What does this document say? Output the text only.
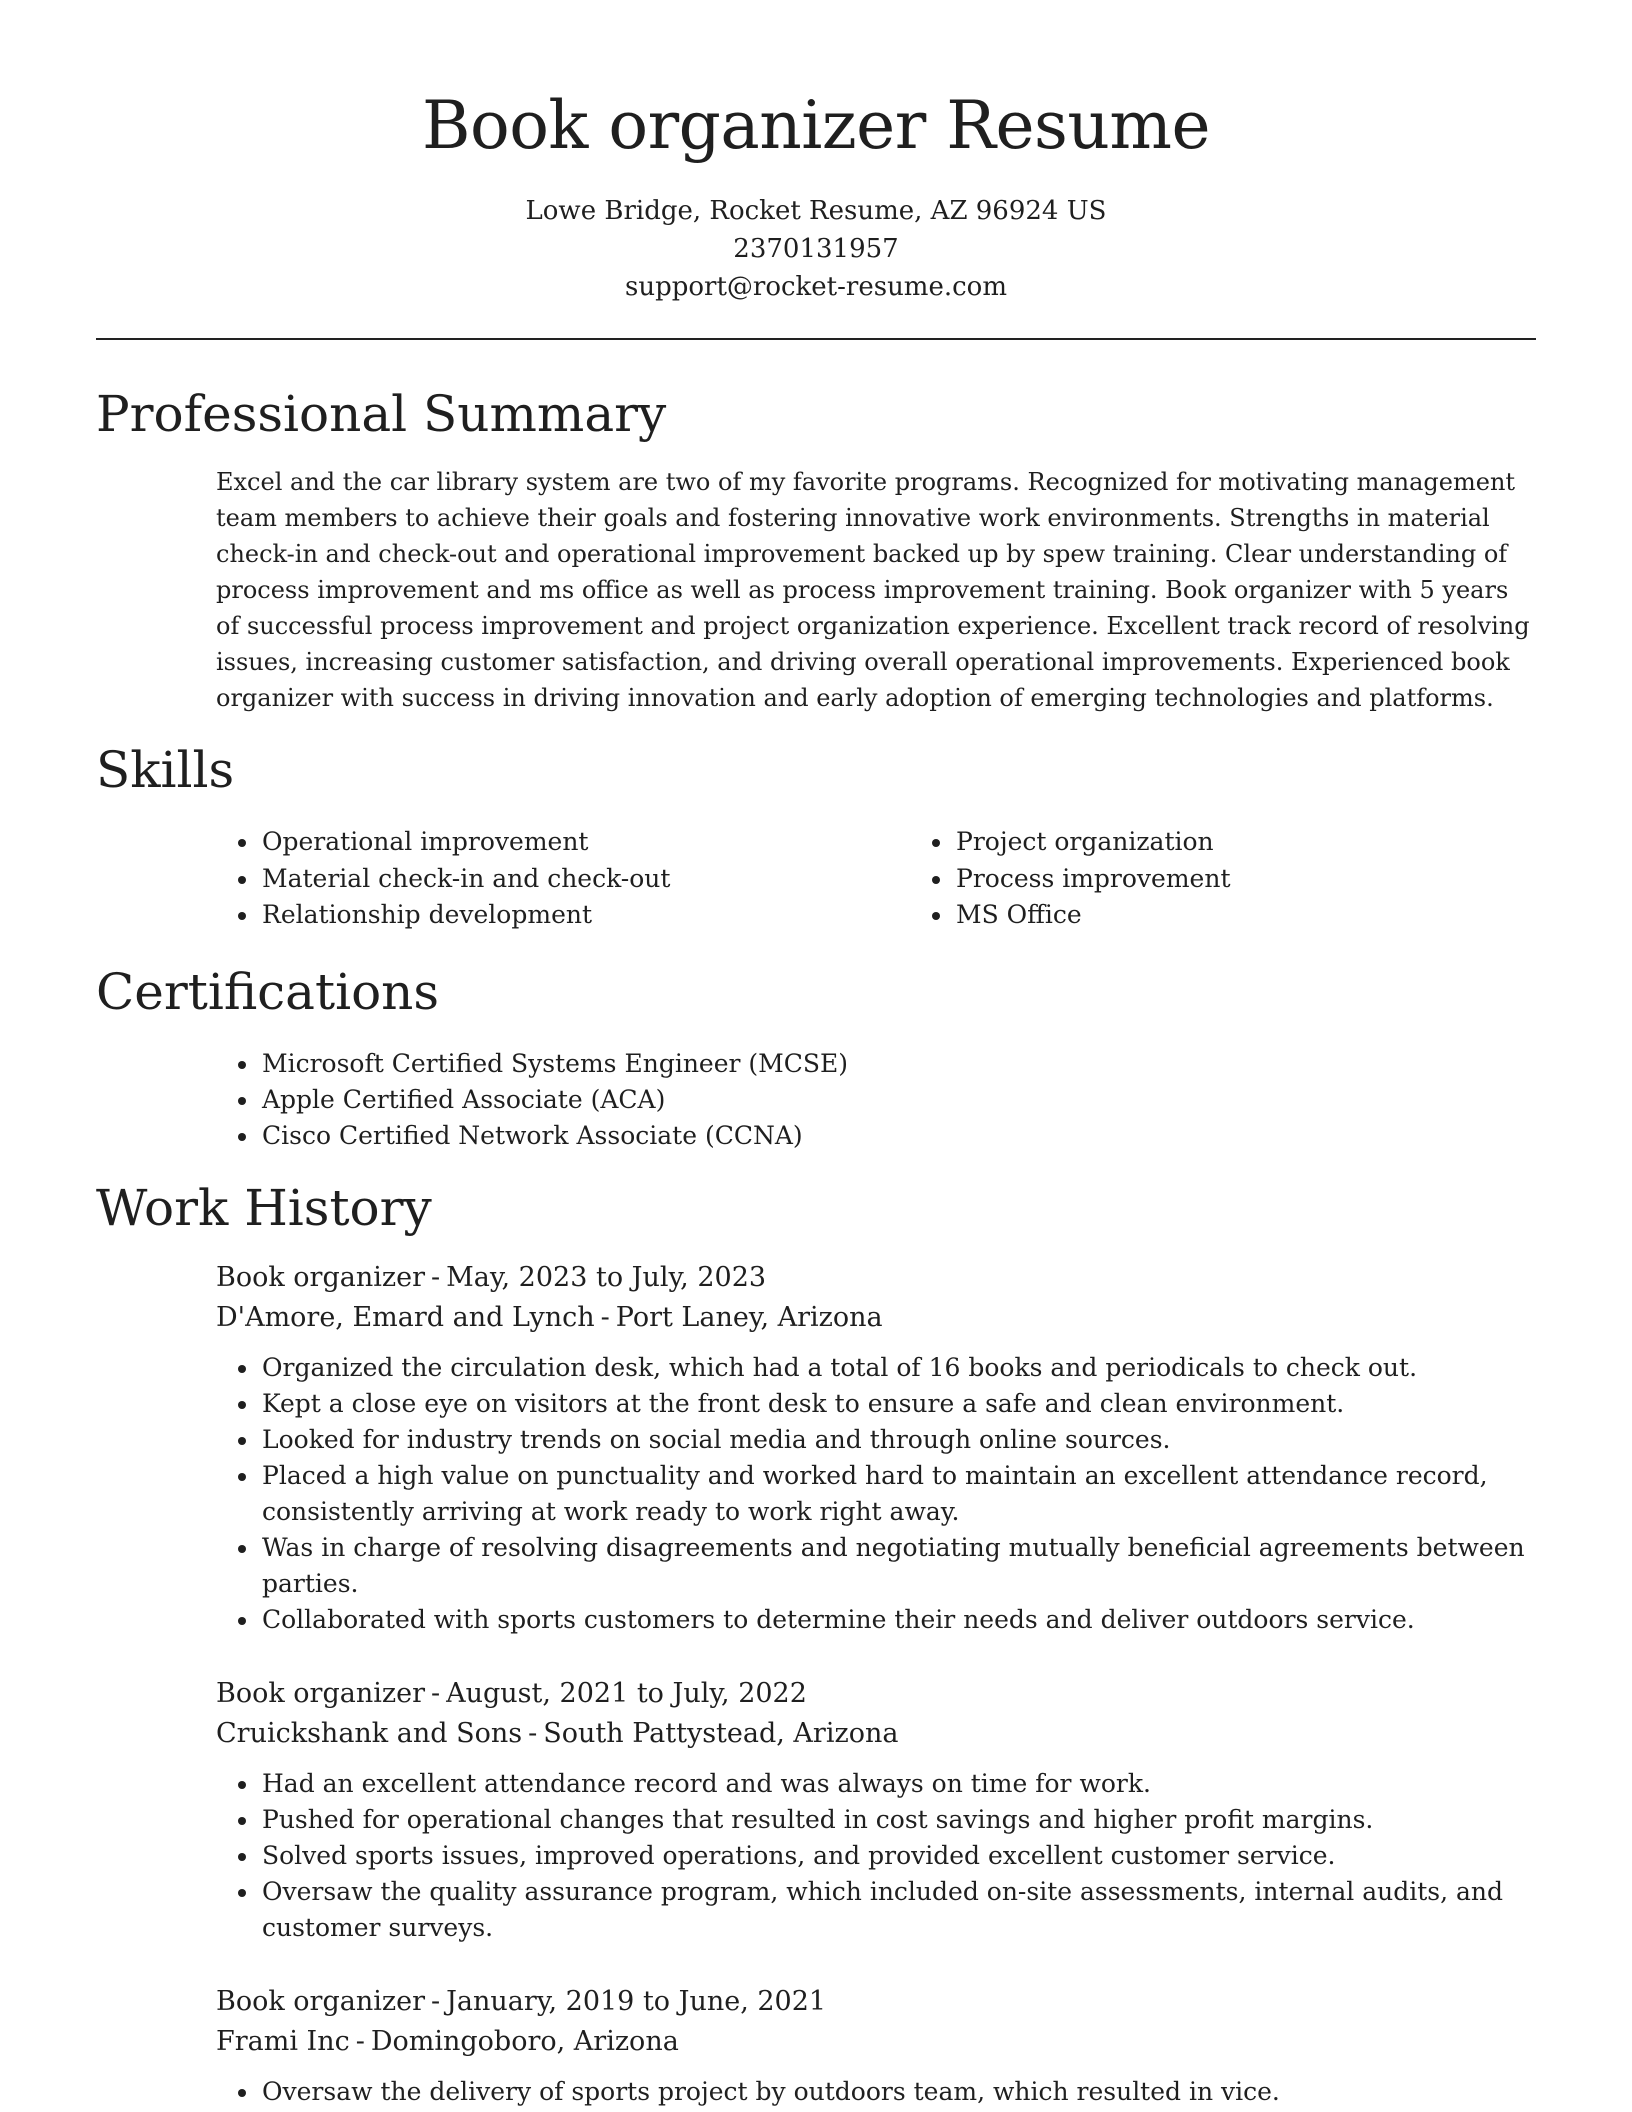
Book organizer Resume
Lowe Bridge, Rocket Resume, AZ 96924 US
2370131957
support@rocket-resume.com
Professional Summary

Excel and the car library system are two of my favorite programs. Recognized for motivating management team members to achieve their goals and fostering innovative work environments. Strengths in material check-in and check-out and operational improvement backed up by spew training. Clear understanding of process improvement and ms office as well as process improvement training. Book organizer with 5 years of successful process improvement and project organization experience. Excellent track record of resolving issues, increasing customer satisfaction, and driving overall operational improvements. Experienced book organizer with success in driving innovation and early adoption of emerging technologies and platforms.

Skills
• Operational improvement
• Material check-in and check-out
• Relationship development
• Project organization
• Process improvement
• MS Office
Certifications
• Microsoft Certified Systems Engineer (MCSE)
• Apple Certified Associate (ACA)
• Cisco Certified Network Associate (CCNA)
Work History
Book organizer - May, 2023 to July, 2023
D'Amore, Emard and Lynch - Port Laney, Arizona
• Organized the circulation desk, which had a total of 16 books and periodicals to check out.
• Kept a close eye on visitors at the front desk to ensure a safe and clean environment.
• Looked for industry trends on social media and through online sources.
• Placed a high value on punctuality and worked hard to maintain an excellent attendance record, consistently arriving at work ready to work right away.
• Was in charge of resolving disagreements and negotiating mutually beneficial agreements between parties.
• Collaborated with sports customers to determine their needs and deliver outdoors service.
Book organizer - August, 2021 to July, 2022
Cruickshank and Sons - South Pattystead, Arizona
• Had an excellent attendance record and was always on time for work.
• Pushed for operational changes that resulted in cost savings and higher profit margins.
• Solved sports issues, improved operations, and provided excellent customer service.
• Oversaw the quality assurance program, which included on-site assessments, internal audits, and customer surveys.
Book organizer - January, 2019 to June, 2021
Frami Inc - Domingoboro, Arizona
• Oversaw the delivery of sports project by outdoors team, which resulted in vice.
